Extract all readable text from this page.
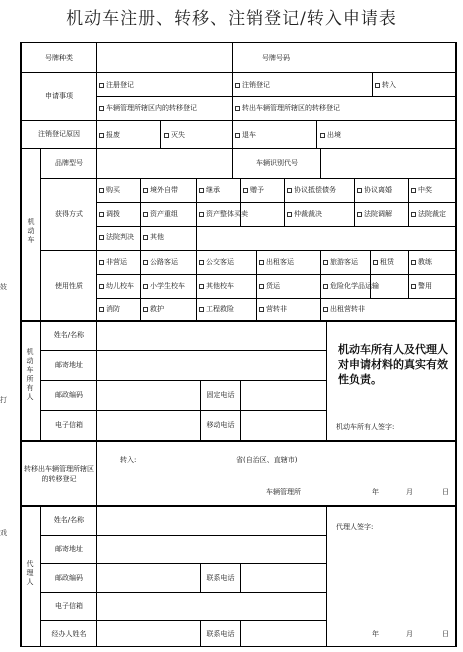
机动车注册、转移、注销登记/转入申请表
妓
打
戏
号牌种类	号牌号码
申请事项
注册登记	注销登记	转入
车辆管理所辖区内的转移登记	转出车辆管理所辖区的转移登记
注销登记原因	报废	灭失	退车	出境
机动车
品牌型号	车辆识别代号
获得方式
购买	境外自带	继承	赠予	协议抵偿债务	协议离婚	中奖
调拨	资产重组	资产整体买卖	仲裁裁决	法院调解	法院裁定
法院判决 其他
使用性质
非营运	公路客运	公交客运	出租客运	旅游客运	租赁	教练
幼儿校车 小学生校车	其他校车	货运	危险化学品运输	警用
消防	救护	工程救险	营转非	出租营转非
机动车所有人
姓名/名称
邮寄地址
邮政编码	固定电话
电子信箱	移动电话
机动车所有人及代理人对申请材料的真实有效性负责。
机动车所有人签字:
转移出车辆管理所辖区的转移登记
转入:	省(自治区、直辖市)
车辆管理所	年	月	日
代理人
姓名/名称
邮寄地址
邮政编码	联系电话
电子信箱
经办人姓名	联系电话
代理人签字:
年	月	日
